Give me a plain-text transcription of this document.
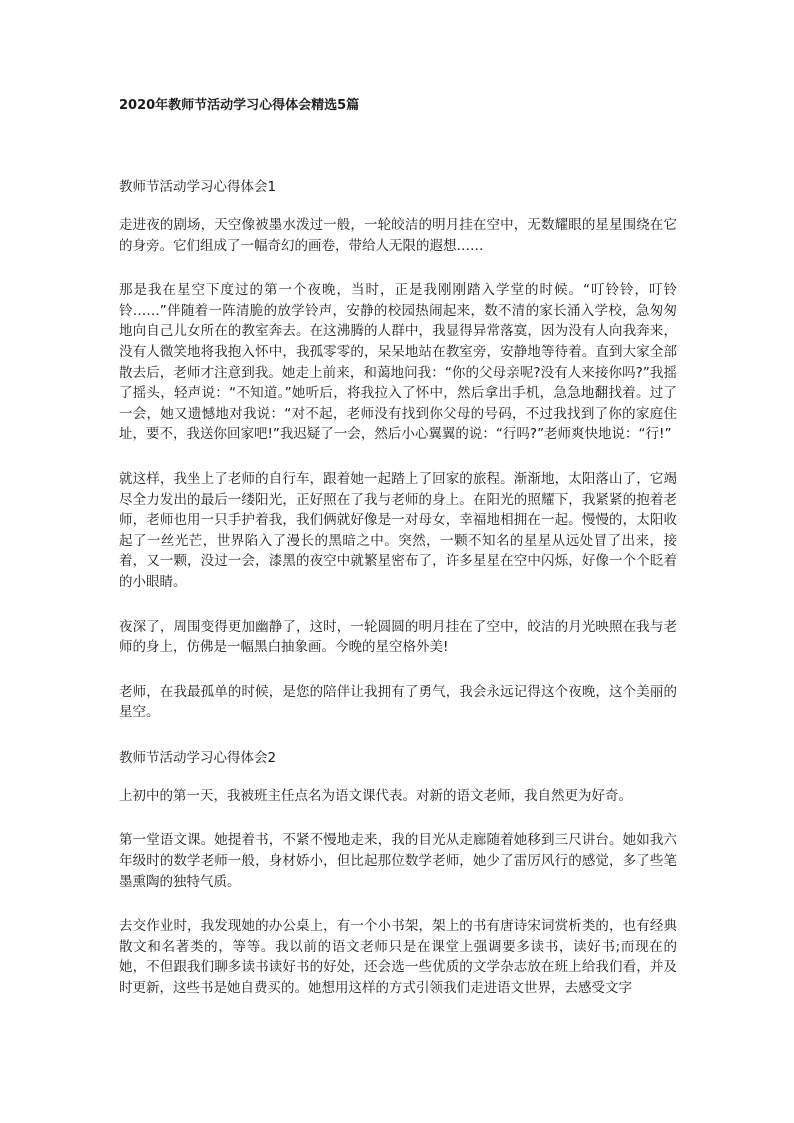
2020年教师节活动学习心得体会精选5篇
教师节活动学习心得体会1

走进夜的剧场，天空像被墨水泼过一般，一轮皎洁的明月挂在空中，无数耀眼的星星围绕在它的身旁。它们组成了一幅奇幻的画卷，带给人无限的遐想……

那是我在星空下度过的第一个夜晚，当时，正是我刚刚踏入学堂的时候。“叮铃铃，叮铃铃……”伴随着一阵清脆的放学铃声，安静的校园热闹起来，数不清的家长涌入学校，急匆匆地向自己儿女所在的教室奔去。在这沸腾的人群中，我显得异常落寞，因为没有人向我奔来，没有人微笑地将我抱入怀中，我孤零零的，呆呆地站在教室旁，安静地等待着。直到大家全部散去后，老师才注意到我。她走上前来，和蔼地问我：“你的父母亲呢?没有人来接你吗?”我摇了摇头，轻声说：“不知道。”她听后，将我拉入了怀中，然后拿出手机，急急地翻找着。过了一会，她又遗憾地对我说：“对不起，老师没有找到你父母的号码，不过我找到了你的家庭住址，要不，我送你回家吧!”我迟疑了一会，然后小心翼翼的说：“行吗?”老师爽快地说：“行!”

就这样，我坐上了老师的自行车，跟着她一起踏上了回家的旅程。渐渐地，太阳落山了，它竭尽全力发出的最后一缕阳光，正好照在了我与老师的身上。在阳光的照耀下，我紧紧的抱着老师，老师也用一只手护着我，我们俩就好像是一对母女，幸福地相拥在一起。慢慢的，太阳收起了一丝光芒，世界陷入了漫长的黑暗之中。突然，一颗不知名的星星从远处冒了出来，接着，又一颗，没过一会，漆黑的夜空中就繁星密布了，许多星星在空中闪烁，好像一个个眨着的小眼睛。

夜深了，周围变得更加幽静了，这时，一轮圆圆的明月挂在了空中，皎洁的月光映照在我与老师的身上，仿佛是一幅黑白抽象画。今晚的星空格外美!

老师，在我最孤单的时候，是您的陪伴让我拥有了勇气，我会永远记得这个夜晚，这个美丽的星空。

教师节活动学习心得体会2

上初中的第一天，我被班主任点名为语文课代表。对新的语文老师，我自然更为好奇。

第一堂语文课。她提着书，不紧不慢地走来，我的目光从走廊随着她移到三尺讲台。她如我六年级时的数学老师一般，身材娇小，但比起那位数学老师，她少了雷厉风行的感觉，多了些笔墨熏陶的独特气质。

去交作业时，我发现她的办公桌上，有一个小书架，架上的书有唐诗宋词赏析类的，也有经典散文和名著类的，等等。我以前的语文老师只是在课堂上强调要多读书，读好书;而现在的她，不但跟我们聊多读书读好书的好处，还会选一些优质的文学杂志放在班上给我们看，并及时更新，这些书是她自费买的。她想用这样的方式引领我们走进语文世界，去感受文字
